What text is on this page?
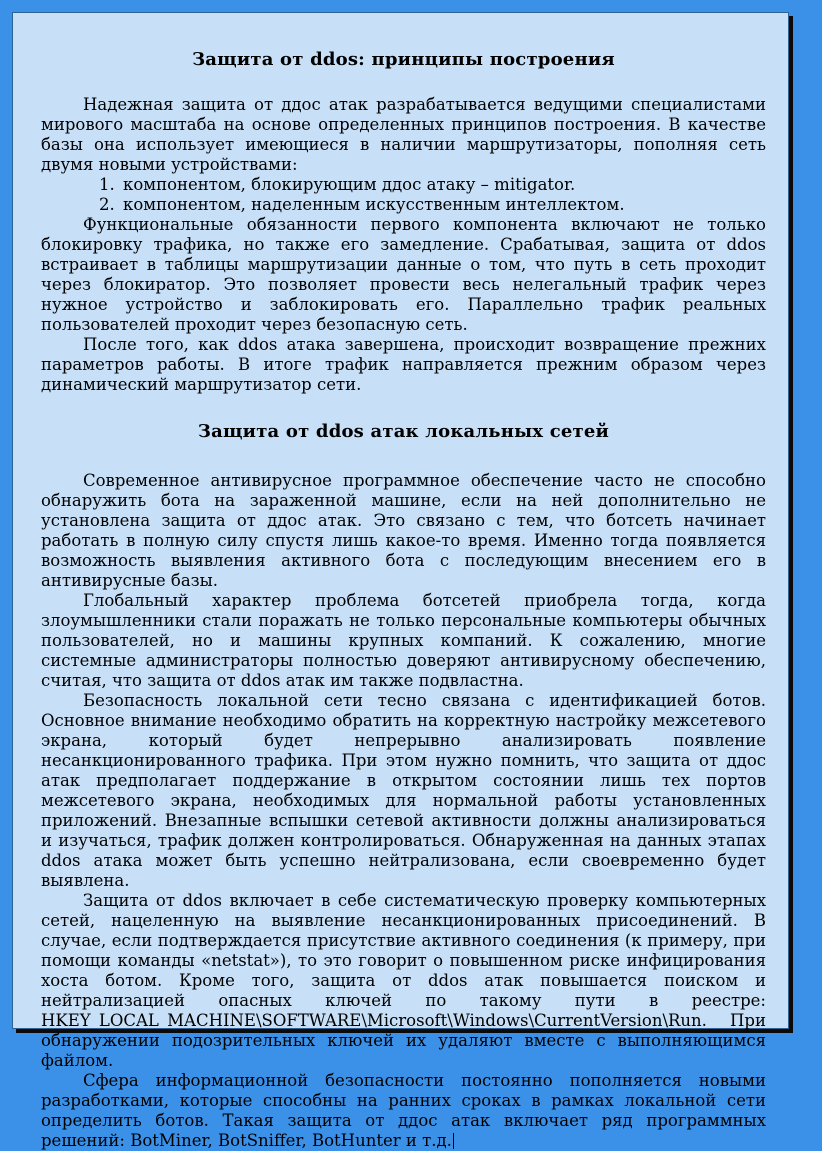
Защита от ddos: принципы построения

Надежная защита от ддос атак разрабатывается ведущими специалистами мирового масштаба на основе определенных принципов построения. В качестве базы она использует имеющиеся в наличии маршрутизаторы, пополняя сеть двумя новыми устройствами:

1. компонентом, блокирующим ддос атаку – mitigator.
2. компонентом, наделенным искусственным интеллектом.

Функциональные обязанности первого компонента включают не только блокировку трафика, но также его замедление. Срабатывая, защита от ddos встраивает в таблицы маршрутизации данные о том, что путь в сеть проходит через блокиратор. Это позволяет провести весь нелегальный трафик через нужное устройство и заблокировать его. Параллельно трафик реальных пользователей проходит через безопасную сеть.

После того, как ddos атака завершена, происходит возвращение прежних параметров работы. В итоге трафик направляется прежним образом через динамический маршрутизатор сети.

Защита от ddos атак локальных сетей

Современное антивирусное программное обеспечение часто не способно обнаружить бота на зараженной машине, если на ней дополнительно не установлена защита от ддос атак. Это связано с тем, что ботсеть начинает работать в полную силу спустя лишь какое-то время. Именно тогда появляется возможность выявления активного бота с последующим внесением его в антивирусные базы.

Глобальный характер проблема ботсетей приобрела тогда, когда злоумышленники стали поражать не только персональные компьютеры обычных пользователей, но и машины крупных компаний. К сожалению, многие системные администраторы полностью доверяют антивирусному обеспечению, считая, что защита от ddos атак им также подвластна.

Безопасность локальной сети тесно связана с идентификацией ботов. Основное внимание необходимо обратить на корректную настройку межсетевого экрана, который будет непрерывно анализировать появление несанкционированного трафика. При этом нужно помнить, что защита от ддос атак предполагает поддержание в открытом состоянии лишь тех портов межсетевого экрана, необходимых для нормальной работы установленных приложений. Внезапные вспышки сетевой активности должны анализироваться и изучаться, трафик должен контролироваться. Обнаруженная на данных этапах ddos атака может быть успешно нейтрализована, если своевременно будет выявлена.

Защита от ddos включает в себе систематическую проверку компьютерных сетей, нацеленную на выявление несанкционированных присоединений. В случае, если подтверждается присутствие активного соединения (к примеру, при помощи команды «netstat»), то это говорит о повышенном риске инфицирования хоста ботом. Кроме того, защита от ddos атак повышается поиском и нейтрализацией опасных ключей по такому пути в реестре: HKEY_LOCAL_MACHINE\SOFTWARE\Microsoft\Windows\CurrentVersion\Run. При обнаружении подозрительных ключей их удаляют вместе с выполняющимся файлом.

Сфера информационной безопасности постоянно пополняется новыми разработками, которые способны на ранних сроках в рамках локальной сети определить ботов. Такая защита от ддос атак включает ряд программных решений: BotMiner, BotSniffer, BotHunter и т.д.
